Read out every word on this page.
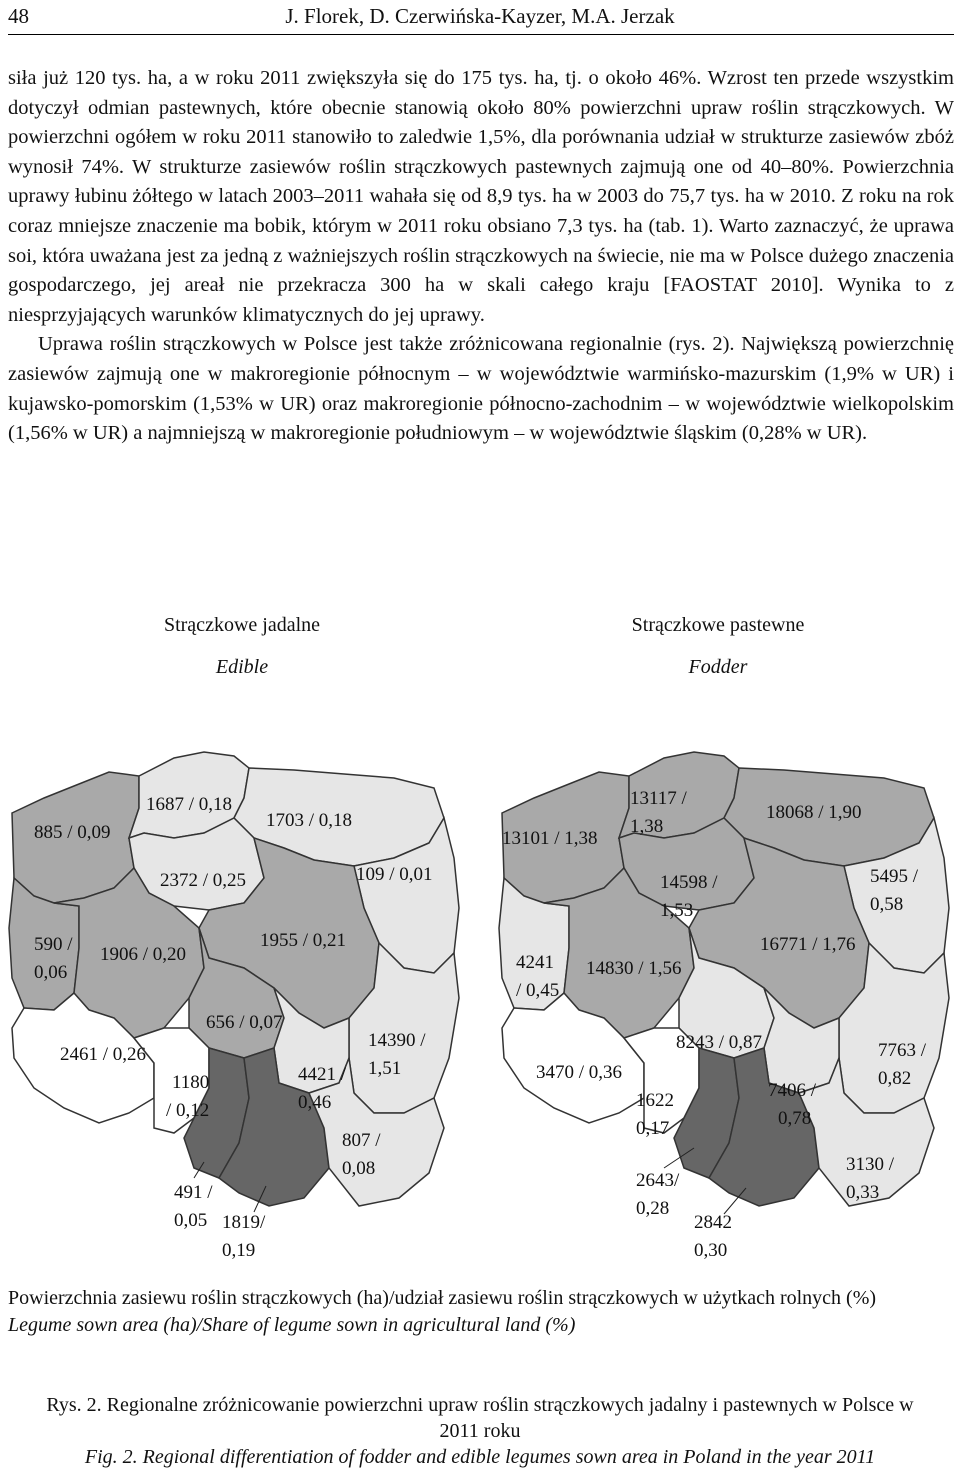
48	J. Florek, D. Czerwińska-Kayzer, M.A. Jerzak

siła już 120 tys. ha, a w roku 2011 zwiększyła się do 175 tys. ha, tj. o około 46%. Wzrost ten przede wszystkim dotyczył odmian pastewnych, które obecnie stanowią około 80% powierzchni upraw roślin strączkowych. W powierzchni ogółem w roku 2011 stanowiło to zaledwie 1,5%, dla porównania udział w strukturze zasiewów zbóż wynosił 74%. W strukturze zasiewów roślin strączkowych pastewnych zajmują one od 40–80%. Powierzchnia uprawy łubinu żółtego w latach 2003–2011 wahała się od 8,9 tys. ha w 2003 do 75,7 tys. ha w 2010. Z roku na rok coraz mniejsze znaczenie ma bobik, którym w 2011 roku obsiano 7,3 tys. ha (tab. 1). Warto zaznaczyć, że uprawa soi, która uważana jest za jedną z ważniejszych roślin strączkowych na świecie, nie ma w Polsce dużego znaczenia gospodarczego, jej areał nie przekracza 300 ha w skali całego kraju [FAOSTAT 2010]. Wynika to z niesprzyjających warunków klimatycznych do jej uprawy.

Uprawa roślin strączkowych w Polsce jest także zróżnicowana regionalnie (rys. 2). Największą powierzchnię zasiewów zajmują one w makroregionie północnym – w województwie warmińsko-mazurskim (1,9% w UR) i kujawsko-pomorskim (1,53% w UR) oraz makroregionie północno-zachodnim – w województwie wielkopolskim (1,56% w UR) a najmniejszą w makroregionie południowym – w województwie śląskim (0,28% w UR).

Strączkowe jadalne
Edible
Strączkowe pastewne
Fodder
885 / 0,09
1687 / 0,18
1703 / 0,18
2372 / 0,25	109 / 0,01
590 /
0,06
1906 / 0,20
1955 / 0,21
656 / 0,07
14390 /
1,51
2461 / 0,26
1180
/ 0,12
4421 /
0,46
807 /
0,08
491 /
0,05 1819/
0,19
13101 / 1,38
13117 /
1,38
18068 / 1,90
14598 /
1,53
5495 /
0,58
4241
/ 0,45
14830 / 1,56
16771 / 1,76
8243 / 0,87	7763 /
0,82
3470 / 0,36
1622
0,17
7406 /
0,78
3130 /
0,33
2643/
0,28
2842
0,30
Powierzchnia zasiewu roślin strączkowych (ha)/udział zasiewu roślin strączkowych w użytkach rolnych (%)
Legume sown area (ha)/Share of legume sown in agricultural land (%)
Rys. 2. Regionalne zróżnicowanie powierzchni upraw roślin strączkowych jadalny i pastewnych w Polsce w 2011 roku
Fig. 2. Regional differentiation of fodder and edible legumes sown area in Poland in the year 2011
